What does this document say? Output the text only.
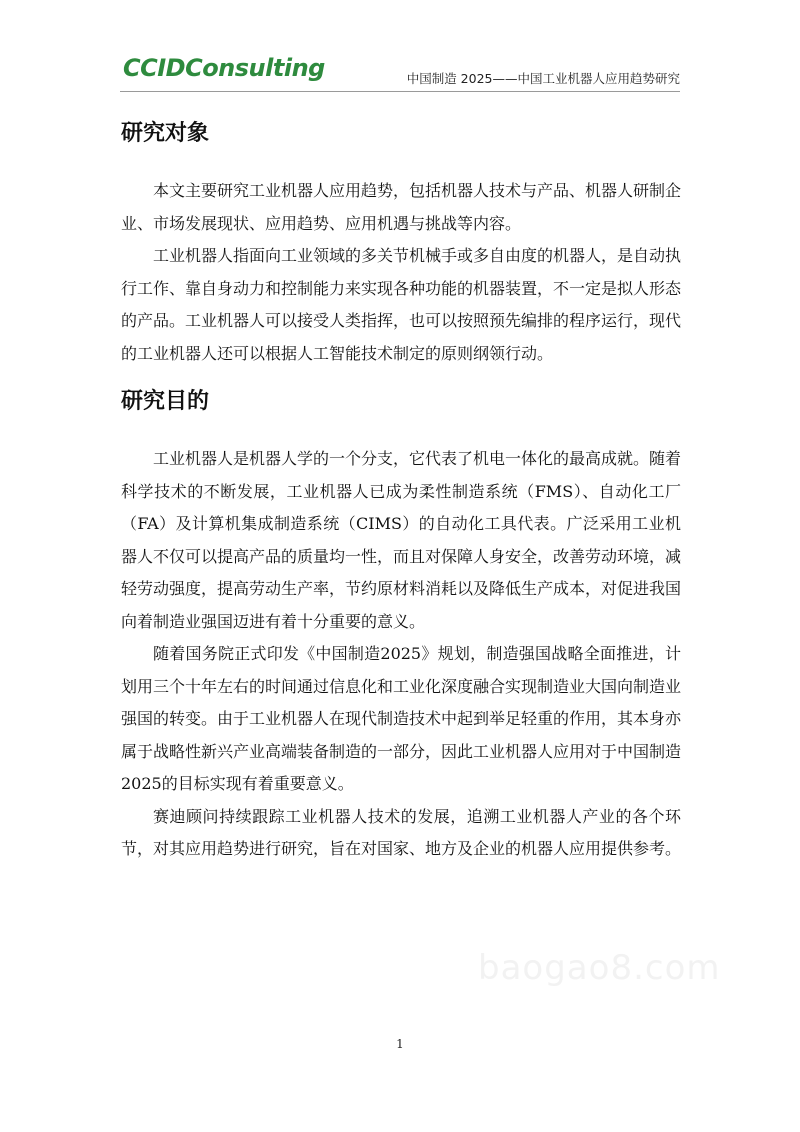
CCIDConsulting	中国制造 2025——中国工业机器人应用趋势研究
研究对象

本文主要研究工业机器人应用趋势，包括机器人技术与产品、机器人研制企业、市场发展现状、应用趋势、应用机遇与挑战等内容。

工业机器人指面向工业领域的多关节机械手或多自由度的机器人，是自动执行工作、靠自身动力和控制能力来实现各种功能的机器装置，不一定是拟人形态的产品。工业机器人可以接受人类指挥，也可以按照预先编排的程序运行，现代的工业机器人还可以根据人工智能技术制定的原则纲领行动。

研究目的

工业机器人是机器人学的一个分支，它代表了机电一体化的最高成就。随着科学技术的不断发展，工业机器人已成为柔性制造系统（FMS）、自动化工厂（FA）及计算机集成制造系统（CIMS）的自动化工具代表。广泛采用工业机器人不仅可以提高产品的质量均一性，而且对保障人身安全，改善劳动环境，减轻劳动强度，提高劳动生产率，节约原材料消耗以及降低生产成本，对促进我国向着制造业强国迈进有着十分重要的意义。

随着国务院正式印发《中国制造2025》规划，制造强国战略全面推进，计划用三个十年左右的时间通过信息化和工业化深度融合实现制造业大国向制造业强国的转变。由于工业机器人在现代制造技术中起到举足轻重的作用，其本身亦属于战略性新兴产业高端装备制造的一部分，因此工业机器人应用对于中国制造2025的目标实现有着重要意义。

赛迪顾问持续跟踪工业机器人技术的发展，追溯工业机器人产业的各个环节，对其应用趋势进行研究，旨在对国家、地方及企业的机器人应用提供参考。

baogao8.com
1
